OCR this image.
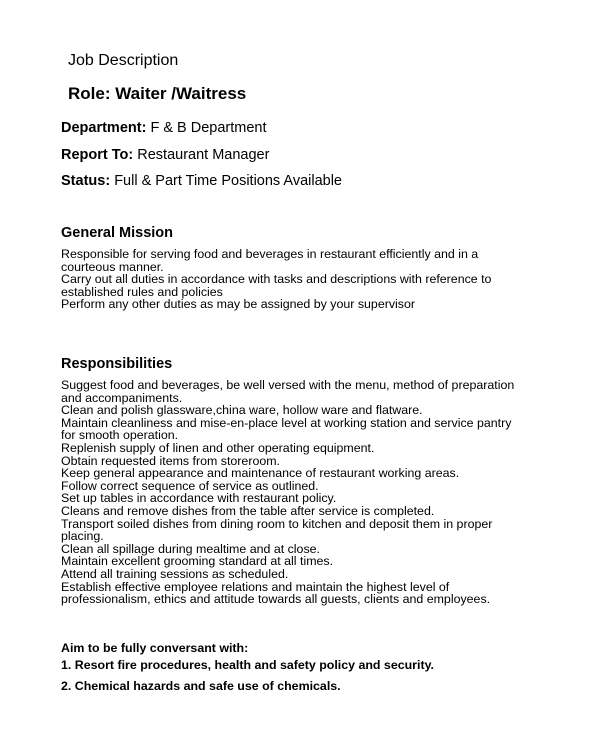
Job Description
Role: Waiter /Waitress
Department: F & B Department
Report To: Restaurant Manager
Status: Full & Part Time Positions Available
General Mission
Responsible for serving food and beverages in restaurant efficiently and in a
courteous manner.
Carry out all duties in accordance with tasks and descriptions with reference to
established rules and policies
Perform any other duties as may be assigned by your supervisor
Responsibilities
Suggest food and beverages, be well versed with the menu, method of preparation
and accompaniments.
Clean and polish glassware,china ware, hollow ware and flatware.
Maintain cleanliness and mise-en-place level at working station and service pantry
for smooth operation.
Replenish supply of linen and other operating equipment.
Obtain requested items from storeroom.
Keep general appearance and maintenance of restaurant working areas.
Follow correct sequence of service as outlined.
Set up tables in accordance with restaurant policy.
Cleans and remove dishes from the table after service is completed.
Transport soiled dishes from dining room to kitchen and deposit them in proper
placing.
Clean all spillage during mealtime and at close.
Maintain excellent grooming standard at all times.
Attend all training sessions as scheduled.
Establish effective employee relations and maintain the highest level of
professionalism, ethics and attitude towards all guests, clients and employees.
Aim to be fully conversant with:
1. Resort fire procedures, health and safety policy and security.
2. Chemical hazards and safe use of chemicals.
